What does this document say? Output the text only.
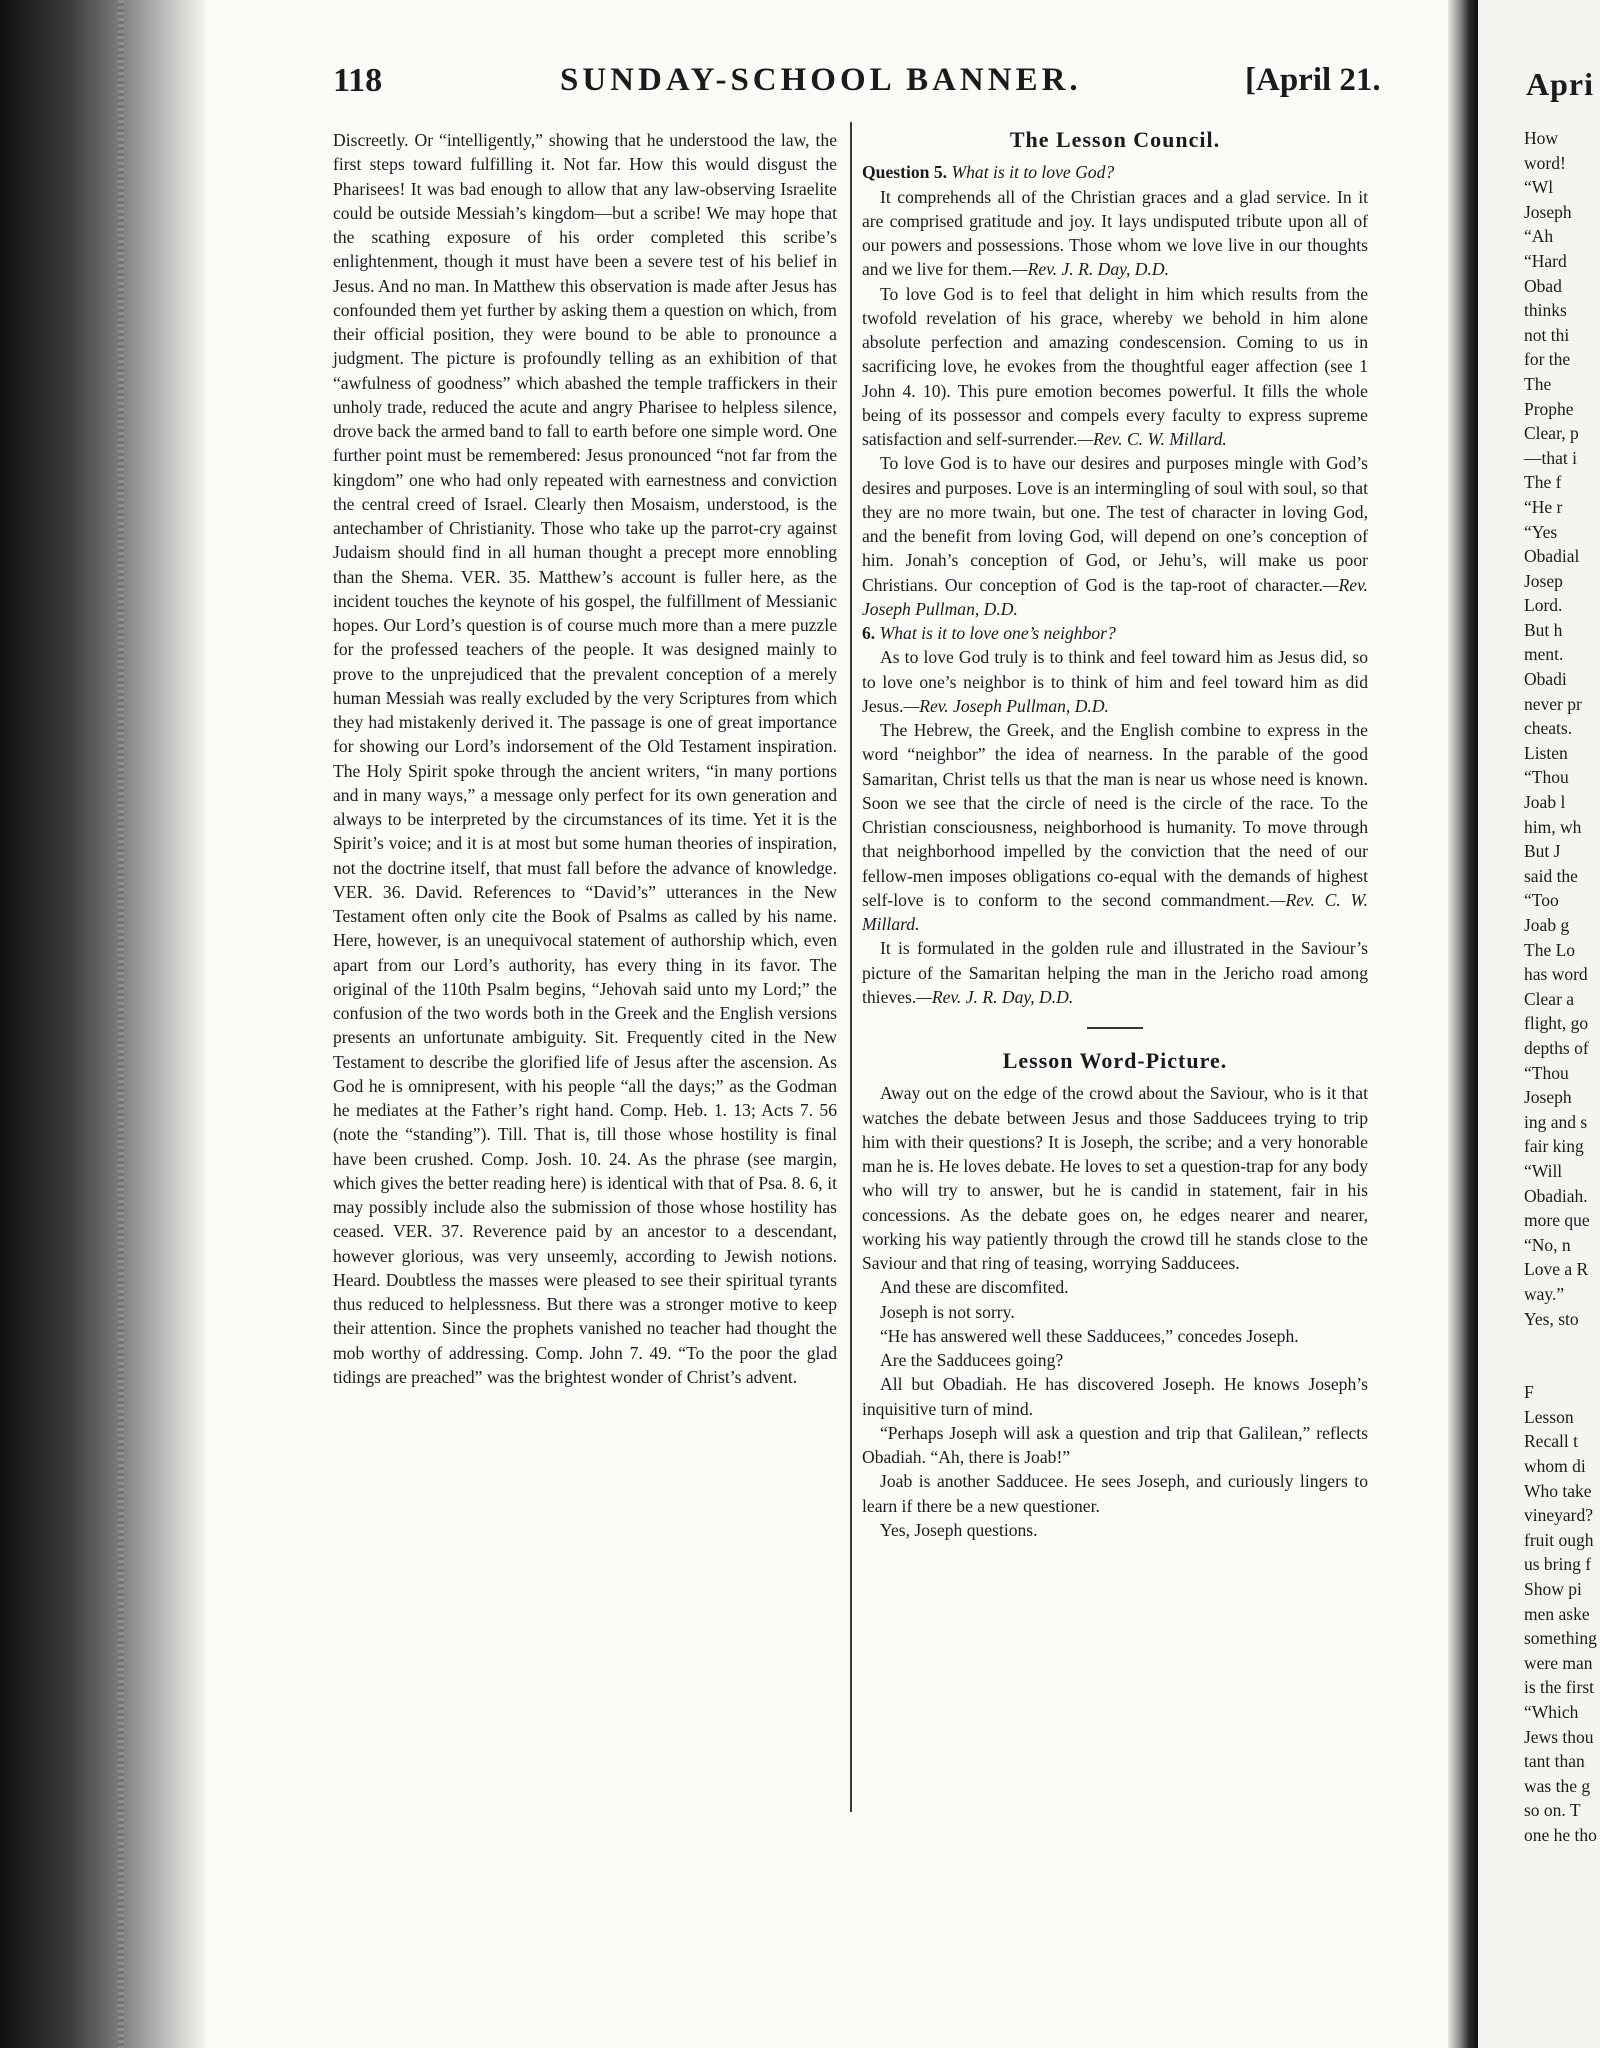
118	SUNDAY-SCHOOL BANNER.	[April 21.

Discreetly. Or “intelligently,” showing that he understood the law, the first steps toward fulfilling it. Not far. How this would disgust the Pharisees! It was bad enough to allow that any law-observing Israelite could be outside Messiah’s kingdom—but a scribe! We may hope that the scathing exposure of his order completed this scribe’s enlightenment, though it must have been a severe test of his belief in Jesus. And no man. In Matthew this observation is made after Jesus has confounded them yet further by asking them a question on which, from their official position, they were bound to be able to pronounce a judgment. The picture is profoundly telling as an exhibition of that “awfulness of goodness” which abashed the temple traffickers in their unholy trade, reduced the acute and angry Pharisee to helpless silence, drove back the armed band to fall to earth before one simple word. One further point must be remembered: Jesus pronounced “not far from the kingdom” one who had only repeated with earnestness and conviction the central creed of Israel. Clearly then Mosaism, understood, is the antechamber of Christianity. Those who take up the parrot-cry against Judaism should find in all human thought a precept more ennobling than the Shema. VER. 35. Matthew’s account is fuller here, as the incident touches the keynote of his gospel, the fulfillment of Messianic hopes. Our Lord’s question is of course much more than a mere puzzle for the professed teachers of the people. It was designed mainly to prove to the unprejudiced that the prevalent conception of a merely human Messiah was really excluded by the very Scriptures from which they had mistakenly derived it. The passage is one of great importance for showing our Lord’s indorsement of the Old Testament inspiration. The Holy Spirit spoke through the ancient writers, “in many portions and in many ways,” a message only perfect for its own generation and always to be interpreted by the circumstances of its time. Yet it is the Spirit’s voice; and it is at most but some human theories of inspiration, not the doctrine itself, that must fall before the advance of knowledge. VER. 36. David. References to “David’s” utterances in the New Testament often only cite the Book of Psalms as called by his name. Here, however, is an unequivocal statement of authorship which, even apart from our Lord’s authority, has every thing in its favor. The original of the 110th Psalm begins, “Jehovah said unto my Lord;” the confusion of the two words both in the Greek and the English versions presents an unfortunate ambiguity. Sit. Frequently cited in the New Testament to describe the glorified life of Jesus after the ascension. As God he is omnipresent, with his people “all the days;” as the Godman he mediates at the Father’s right hand. Comp. Heb. 1. 13; Acts 7. 56 (note the “standing”). Till. That is, till those whose hostility is final have been crushed. Comp. Josh. 10. 24. As the phrase (see margin, which gives the better reading here) is identical with that of Psa. 8. 6, it may possibly include also the submission of those whose hostility has ceased. VER. 37. Reverence paid by an ancestor to a descendant, however glorious, was very unseemly, according to Jewish notions. Heard. Doubtless the masses were pleased to see their spiritual tyrants thus reduced to helplessness. But there was a stronger motive to keep their attention. Since the prophets vanished no teacher had thought the mob worthy of addressing. Comp. John 7. 49. “To the poor the glad tidings are preached” was the brightest wonder of Christ’s advent.

The Lesson Council.

Question 5. What is it to love God?

It comprehends all of the Christian graces and a glad service. In it are comprised gratitude and joy. It lays undisputed tribute upon all of our powers and possessions. Those whom we love live in our thoughts and we live for them.—Rev. J. R. Day, D.D.

To love God is to feel that delight in him which results from the twofold revelation of his grace, whereby we behold in him alone absolute perfection and amazing condescension. Coming to us in sacrificing love, he evokes from the thoughtful eager affection (see 1 John 4. 10). This pure emotion becomes powerful. It fills the whole being of its possessor and compels every faculty to express supreme satisfaction and self-surrender.—Rev. C. W. Millard.

To love God is to have our desires and purposes mingle with God’s desires and purposes. Love is an intermingling of soul with soul, so that they are no more twain, but one. The test of character in loving God, and the benefit from loving God, will depend on one’s conception of him. Jonah’s conception of God, or Jehu’s, will make us poor Christians. Our conception of God is the tap-root of character.—Rev. Joseph Pullman, D.D.

6. What is it to love one’s neighbor?

As to love God truly is to think and feel toward him as Jesus did, so to love one’s neighbor is to think of him and feel toward him as did Jesus.—Rev. Joseph Pullman, D.D.

The Hebrew, the Greek, and the English combine to express in the word “neighbor” the idea of nearness. In the parable of the good Samaritan, Christ tells us that the man is near us whose need is known. Soon we see that the circle of need is the circle of the race. To the Christian consciousness, neighborhood is humanity. To move through that neighborhood impelled by the conviction that the need of our fellow-men imposes obligations co-equal with the demands of highest self-love is to conform to the second commandment.—Rev. C. W. Millard.

It is formulated in the golden rule and illustrated in the Saviour’s picture of the Samaritan helping the man in the Jericho road among thieves.—Rev. J. R. Day, D.D.

Lesson Word-Picture.

Away out on the edge of the crowd about the Saviour, who is it that watches the debate between Jesus and those Sadducees trying to trip him with their questions? It is Joseph, the scribe; and a very honorable man he is. He loves debate. He loves to set a question-trap for any body who will try to answer, but he is candid in statement, fair in his concessions. As the debate goes on, he edges nearer and nearer, working his way patiently through the crowd till he stands close to the Saviour and that ring of teasing, worrying Sadducees.

And these are discomfited.

Joseph is not sorry.

“He has answered well these Sadducees,” concedes Joseph.

Are the Sadducees going?

All but Obadiah. He has discovered Joseph. He knows Joseph’s inquisitive turn of mind.

“Perhaps Joseph will ask a question and trip that Galilean,” reflects Obadiah. “Ah, there is Joab!”

Joab is another Sadducee. He sees Joseph, and curiously lingers to learn if there be a new questioner.

Yes, Joseph questions.

Apri
How
word!
“Wl
Joseph
“Ah
“Hard
Obad
thinks
not thi
for the
The
Prophe
Clear, p
—that i
The f
“He r
“Yes
Obadial
Josep
Lord.
But h
ment.
Obadi
never pr
cheats.
Listen
“Thou
Joab l
him, wh
But J
said the
“Too
Joab g
The Lo
has word
Clear a
flight, go
depths of
“Thou
Joseph
ing and s
fair king
“Will
Obadiah.
more que
“No, n
Love a R
way.”
Yes, sto
F
Lesson
Recall t
whom di
Who take
vineyard?
fruit ough
us bring f
Show pi
men aske
something
were man
is the first
“Which
Jews thou
tant than
was the g
so on. T
one he tho
